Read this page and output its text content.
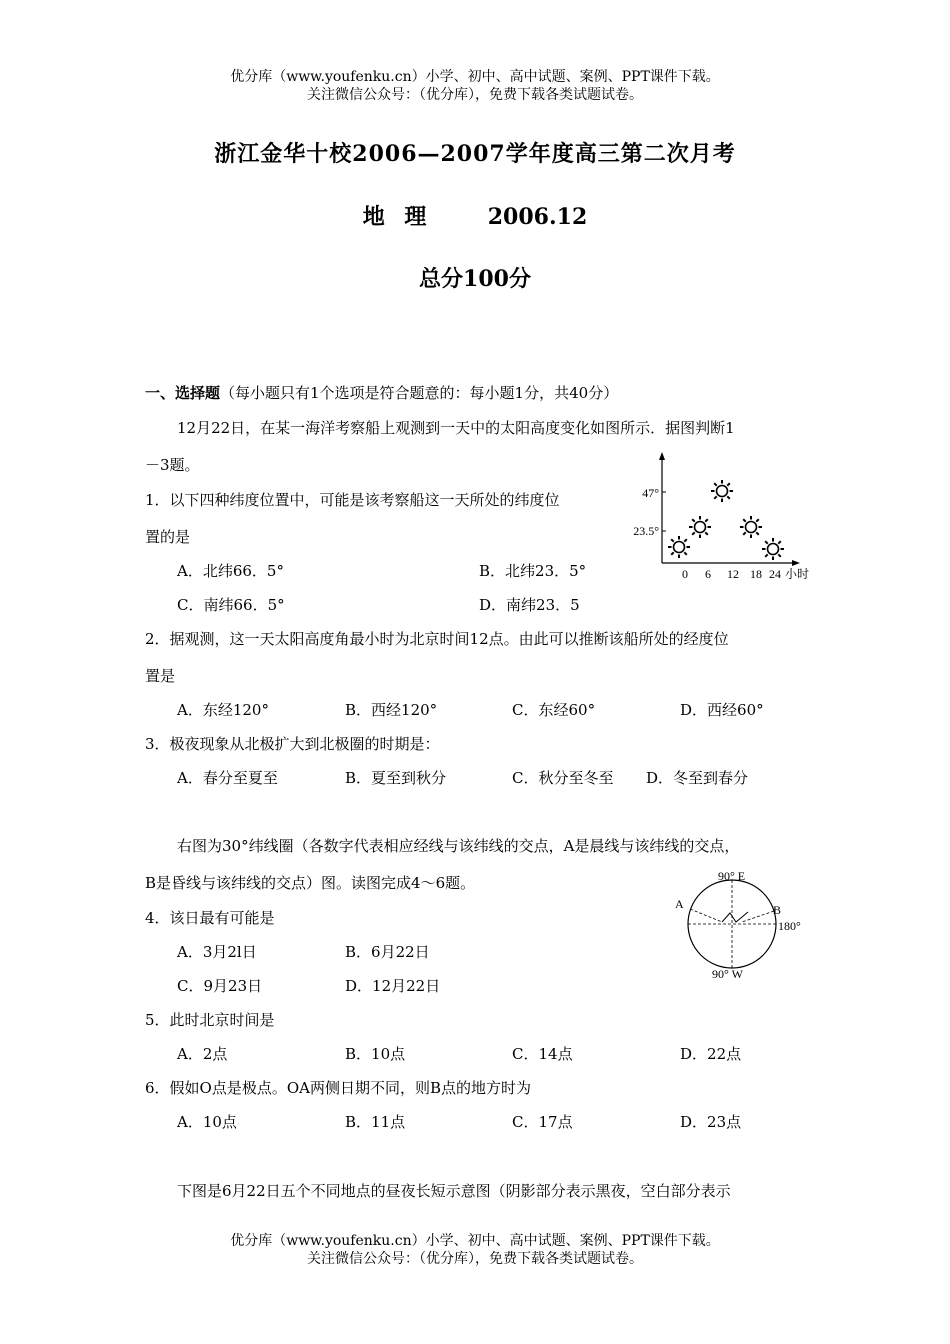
优分库（www.youfenku.cn）小学、初中、高中试题、案例、PPT课件下载。
关注微信公众号：（优分库），免费下载各类试题试卷。
浙江金华十校2006—2007学年度高三第二次月考
地 理	2006.12
总分100分
一、选择题（每小题只有1个选项是符合题意的：每小题1分，共40分）
12月22日，在某一海洋考察船上观测到一天中的太阳高度变化如图所示．据图判断1
－3题。
1．以下四种纬度位置中，可能是该考察船这一天所处的纬度位
置的是
A．北纬66．5°	B．北纬23．5°
C．南纬66．5°	D．南纬23．5
47°
23.5°
0 6 12 18 24 小时
2．据观测，这一天太阳高度角最小时为北京时间12点。由此可以推断该船所处的经度位
置是
A．东经120°	B．西经120°	C．东经60°	D．西经60°
3．极夜现象从北极扩大到北极圈的时期是：
A．春分至夏至	B．夏至到秋分	C．秋分至冬至 D．冬至到春分
右图为30°纬线圈（各数字代表相应经线与该纬线的交点，A是晨线与该纬线的交点，
B是昏线与该纬线的交点）图。读图完成4～6题。	90° E
A	B
180°
90° W
4．该日最有可能是
A．3月2l日	B．6月22日
C．9月23日	D．12月22日
5．此时北京时间是
A．2点	B．10点	C．14点	D．22点
6．假如O点是极点。OA两侧日期不同，则B点的地方时为
A．10点	B．11点	C．17点	D．23点
下图是6月22日五个不同地点的昼夜长短示意图（阴影部分表示黑夜，空白部分表示
优分库（www.youfenku.cn）小学、初中、高中试题、案例、PPT课件下载。
关注微信公众号：（优分库），免费下载各类试题试卷。
